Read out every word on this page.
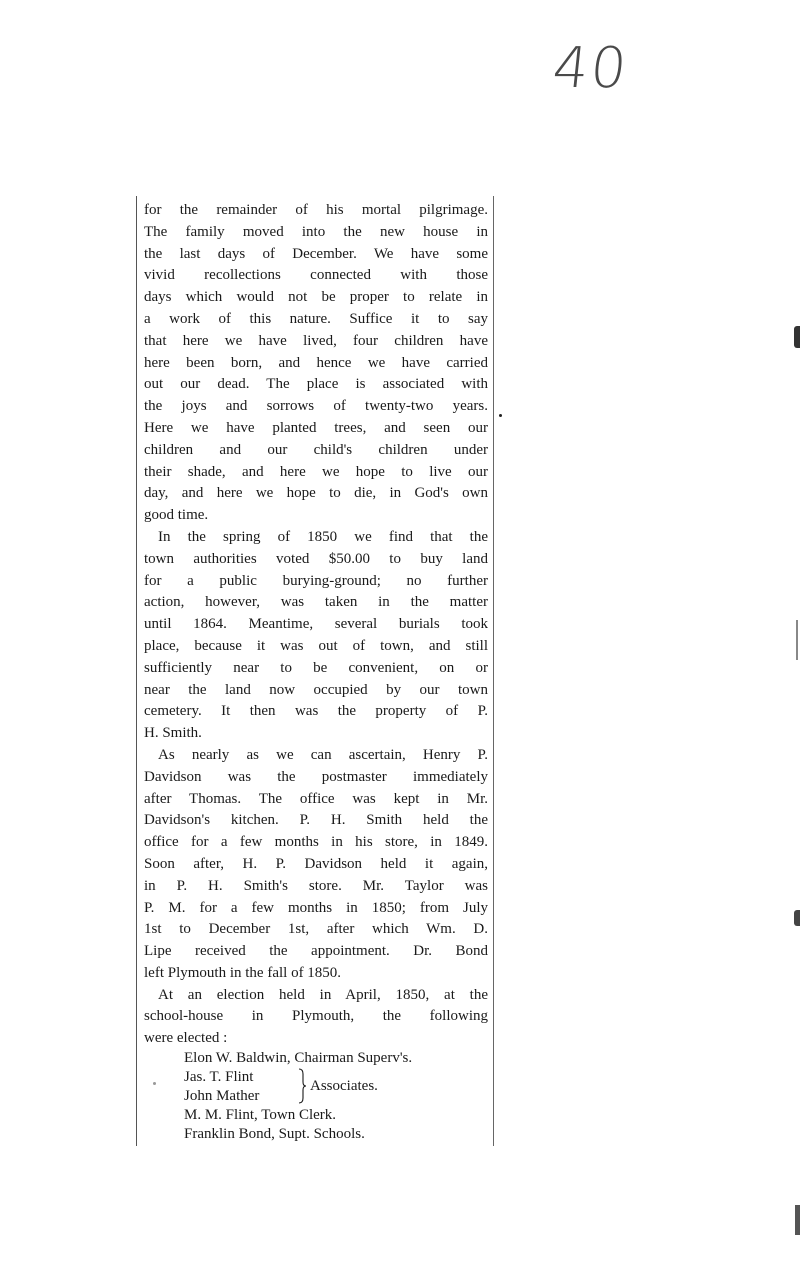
40
for the remainder of his mortal pilgrimage.
The family moved into the new house in
the last days of December. We have some
vivid recollections connected with those
days which would not be proper to relate in
a work of this nature. Suffice it to say
that here we have lived, four children have
here been born, and hence we have carried
out our dead. The place is associated with
the joys and sorrows of twenty-two years.
Here we have planted trees, and seen our
children and our child's children under
their shade, and here we hope to live our
day, and here we hope to die, in God's own
good time.
In the spring of 1850 we find that the
town authorities voted $50.00 to buy land
for a public burying-ground; no further
action, however, was taken in the matter
until 1864. Meantime, several burials took
place, because it was out of town, and still
sufficiently near to be convenient, on or
near the land now occupied by our town
cemetery. It then was the property of P.
H. Smith.
As nearly as we can ascertain, Henry P.
Davidson was the postmaster immediately
after Thomas. The office was kept in Mr.
Davidson's kitchen. P. H. Smith held the
office for a few months in his store, in 1849.
Soon after, H. P. Davidson held it again,
in P. H. Smith's store. Mr. Taylor was
P. M. for a few months in 1850; from July
1st to December 1st, after which Wm. D.
Lipe received the appointment. Dr. Bond
left Plymouth in the fall of 1850.
At an election held in April, 1850, at the
school-house in Plymouth, the following
were elected :
Elon W. Baldwin, Chairman Superv's.
Jas. T. Flint
John Mather
Associates.
M. M. Flint, Town Clerk.
Franklin Bond, Supt. Schools.
